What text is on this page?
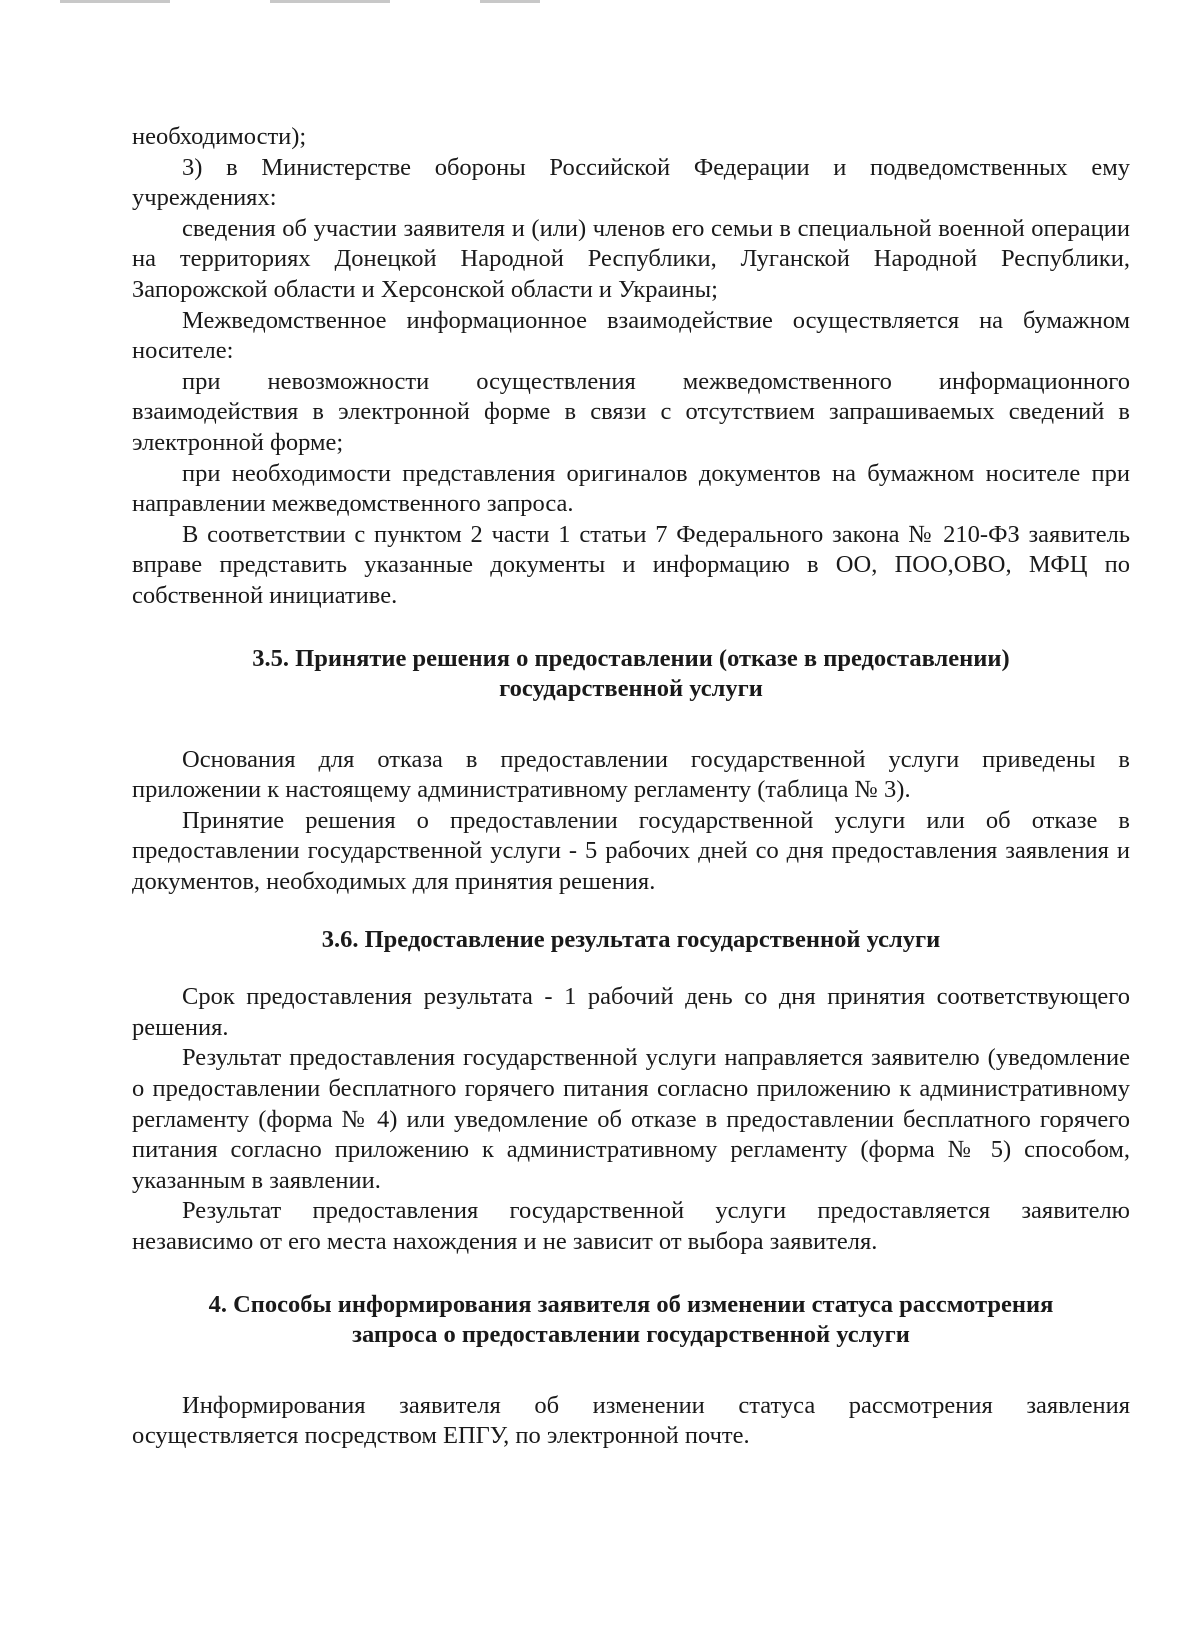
необходимости);

3) в Министерстве обороны Российской Федерации и подведомственных ему учреждениях:

сведения об участии заявителя и (или) членов его семьи в специальной военной операции на территориях Донецкой Народной Республики, Луганской Народной Республики, Запорожской области и Херсонской области и Украины;

Межведомственное информационное взаимодействие осуществляется на бумажном носителе:

при невозможности осуществления межведомственного информационного взаимодействия в электронной форме в связи с отсутствием запрашиваемых сведений в электронной форме;

при необходимости представления оригиналов документов на бумажном носителе при направлении межведомственного запроса.

В соответствии с пунктом 2 части 1 статьи 7 Федерального закона № 210-ФЗ заявитель вправе представить указанные документы и информацию в ОО, ПОО,ОВО, МФЦ по собственной инициативе.

3.5. Принятие решения о предоставлении (отказе в предоставлении)
государственной услуги

Основания для отказа в предоставлении государственной услуги приведены в приложении к настоящему административному регламенту (таблица № 3).

Принятие решения о предоставлении государственной услуги или об отказе в предоставлении государственной услуги - 5 рабочих дней со дня предоставления заявления и документов, необходимых для принятия решения.

3.6. Предоставление результата государственной услуги

Срок предоставления результата - 1 рабочий день со дня принятия соответствующего решения.

Результат предоставления государственной услуги направляется заявителю (уведомление о предоставлении бесплатного горячего питания согласно приложению к административному регламенту (форма № 4) или уведомление об отказе в предоставлении бесплатного горячего питания согласно приложению к административному регламенту (форма № 5) способом, указанным в заявлении.

Результат предоставления государственной услуги предоставляется заявителю независимо от его места нахождения и не зависит от выбора заявителя.

4. Способы информирования заявителя об изменении статуса рассмотрения
запроса о предоставлении государственной услуги

Информирования заявителя об изменении статуса рассмотрения заявления осуществляется посредством ЕПГУ, по электронной почте.
